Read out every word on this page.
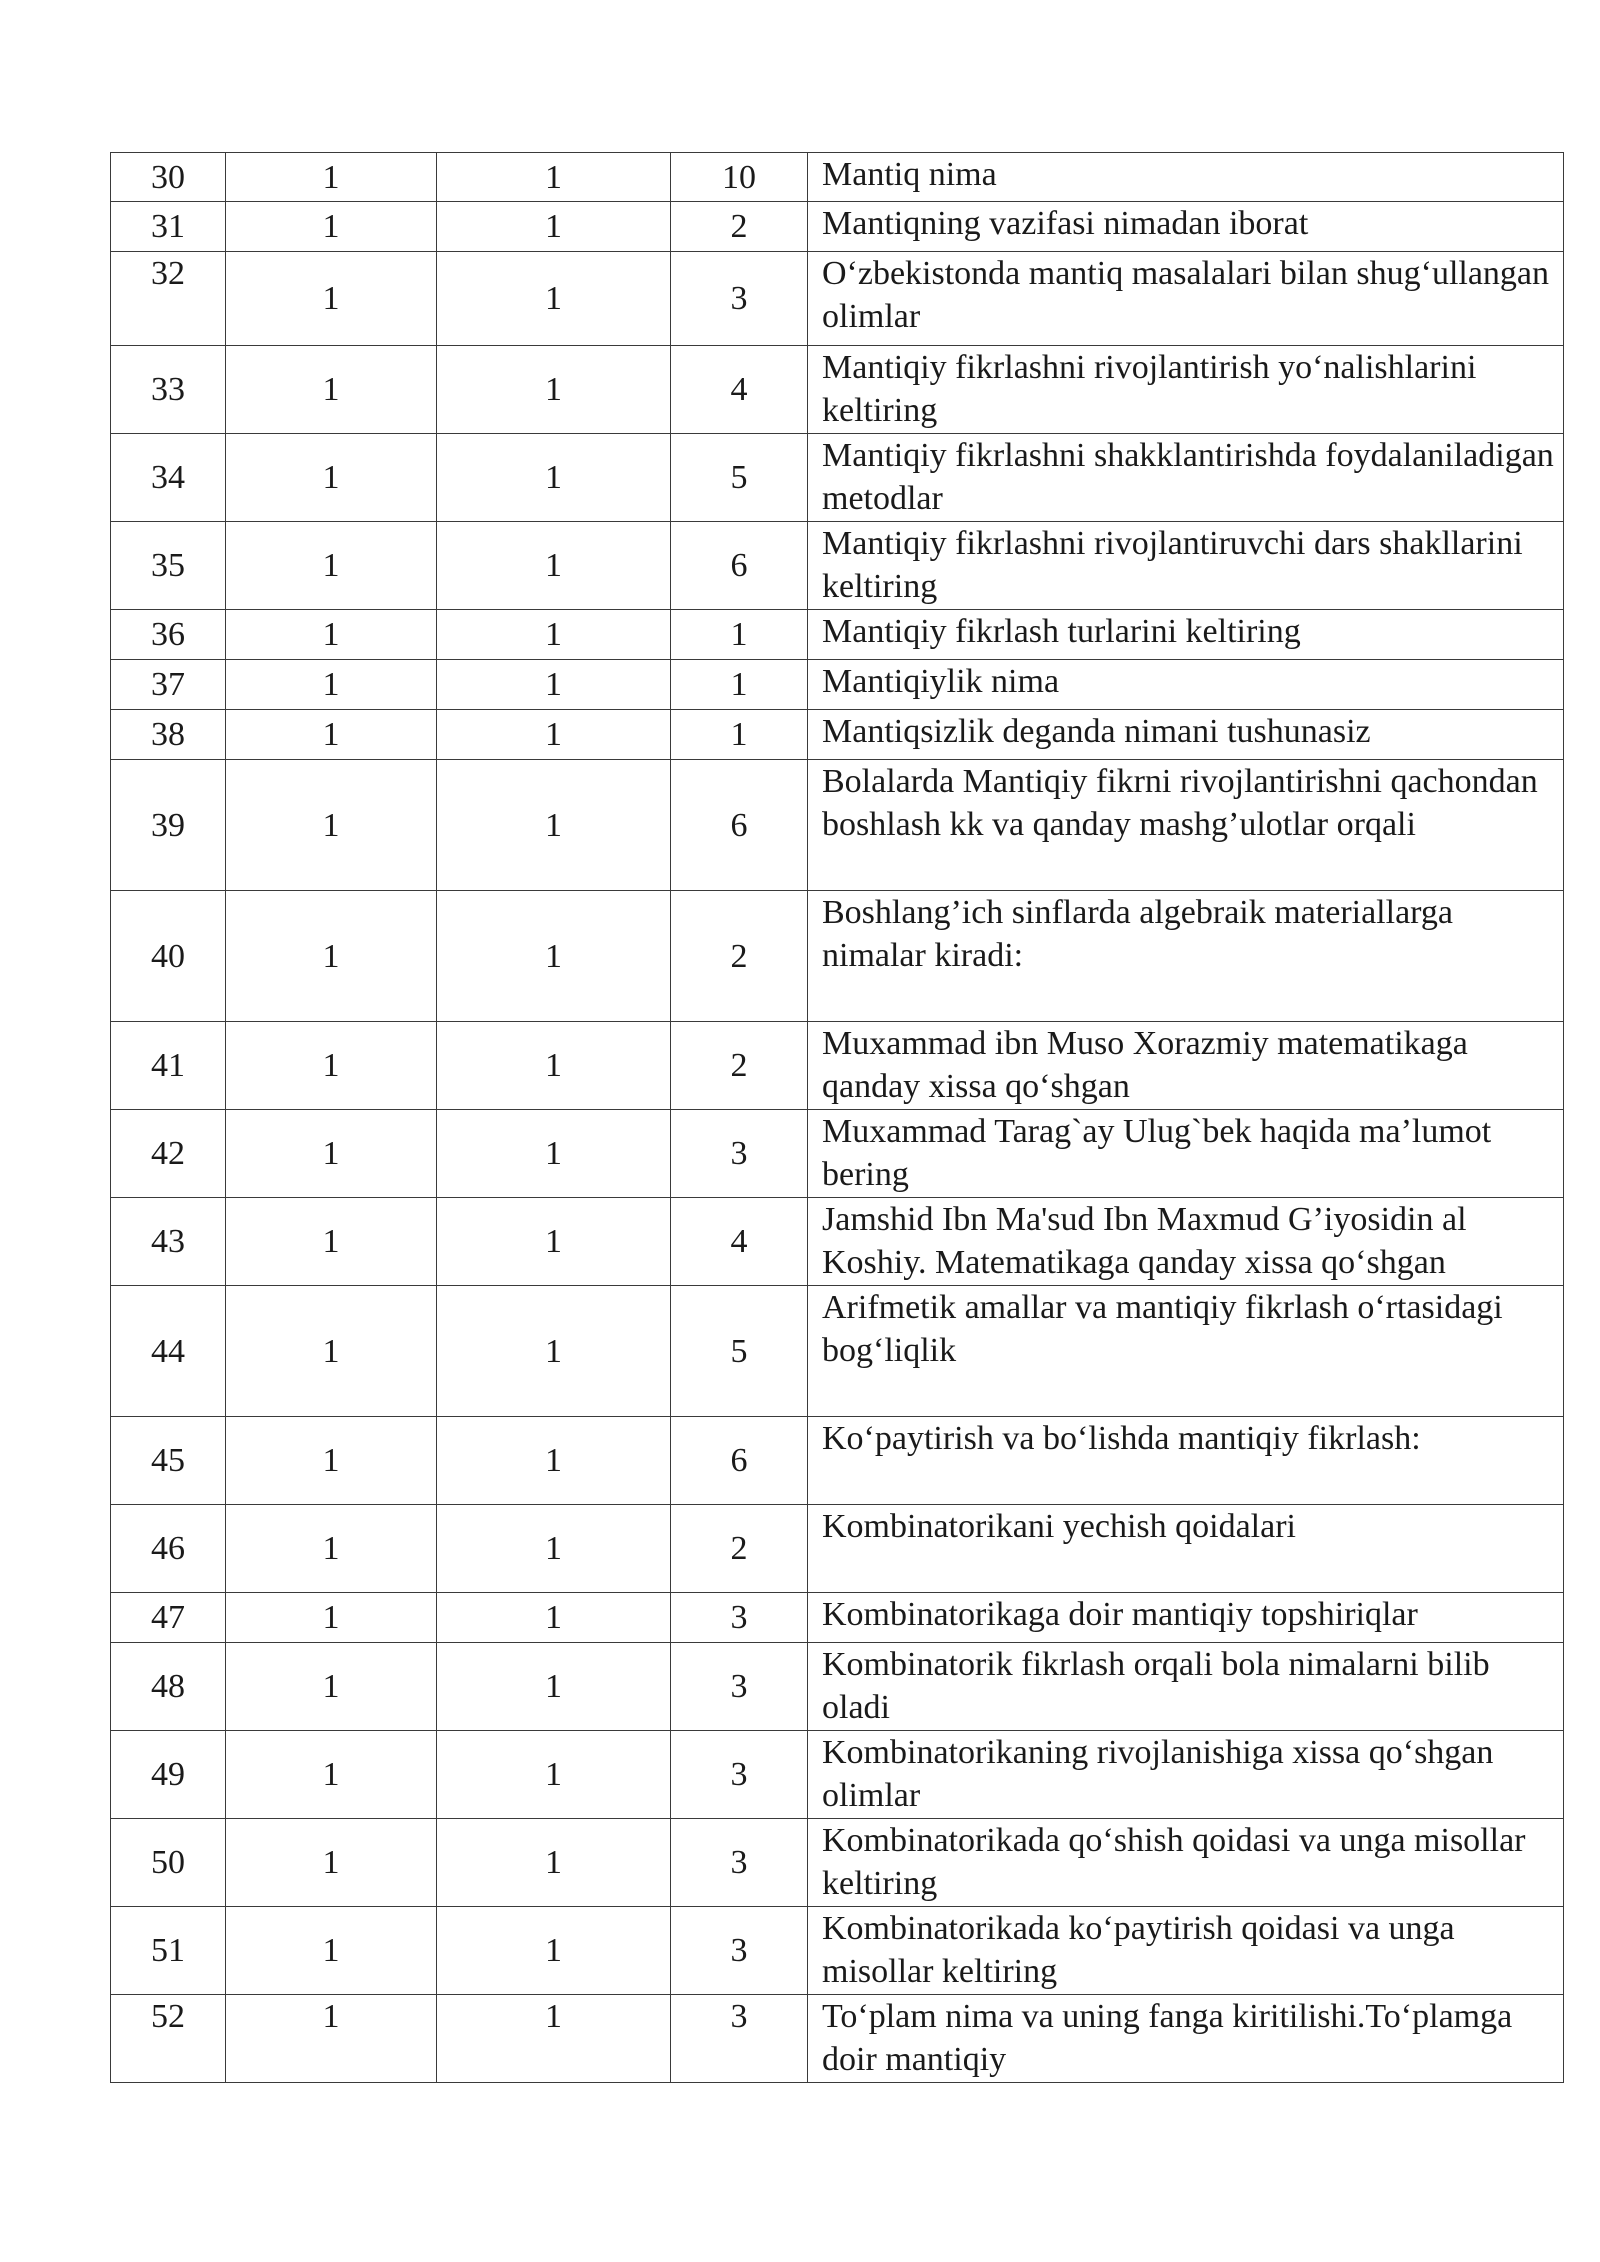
30	1	1	10	Mantiq nima
31	1	1	2	Mantiqning vazifasi nimadan iborat
32	1	1	3	O‘zbekistonda mantiq masalalari bilan shug‘ullangan olimlar
33	1	1	4	Mantiqiy fikrlashni rivojlantirish yo‘nalishlarini keltiring
34	1	1	5	Mantiqiy fikrlashni shakklantirishda foydalaniladigan metodlar
35	1	1	6	Mantiqiy fikrlashni rivojlantiruvchi dars shakllarini keltiring
36	1	1	1	Mantiqiy fikrlash turlarini keltiring
37	1	1	1	Mantiqiylik nima
38	1	1	1	Mantiqsizlik deganda nimani tushunasiz
39	1	1	6	Bolalarda Mantiqiy fikrni rivojlantirishni qachondan boshlash kk va qanday mashg’ulotlar orqali
40	1	1	2	Boshlang’ich sinflarda algebraik materiallarga nimalar kiradi:
41	1	1	2	Muxammad ibn Muso Xorazmiy matematikaga qanday xissa qo‘shgan
42	1	1	3	Muxammad Tarag`ay Ulug`bek haqida ma’lumot bering
43	1	1	4	Jamshid Ibn Ma'sud Ibn Maxmud G’iyosidin al Koshiy. Matematikaga qanday xissa qo‘shgan
44	1	1	5	Arifmetik amallar va mantiqiy fikrlash o‘rtasidagi bog‘liqlik
45	1	1	6	Ko‘paytirish va bo‘lishda mantiqiy fikrlash:
46	1	1	2	Kombinatorikani yechish qoidalari
47	1	1	3	Kombinatorikaga doir mantiqiy topshiriqlar
48	1	1	3	Kombinatorik fikrlash orqali bola nimalarni bilib oladi
49	1	1	3	Kombinatorikaning rivojlanishiga xissa qo‘shgan olimlar
50	1	1	3	Kombinatorikada qo‘shish qoidasi va unga misollar keltiring
51	1	1	3	Kombinatorikada ko‘paytirish qoidasi va unga misollar keltiring
52	1	1	3	To‘plam nima va uning fanga kiritilishi.To‘plamga doir mantiqiy
